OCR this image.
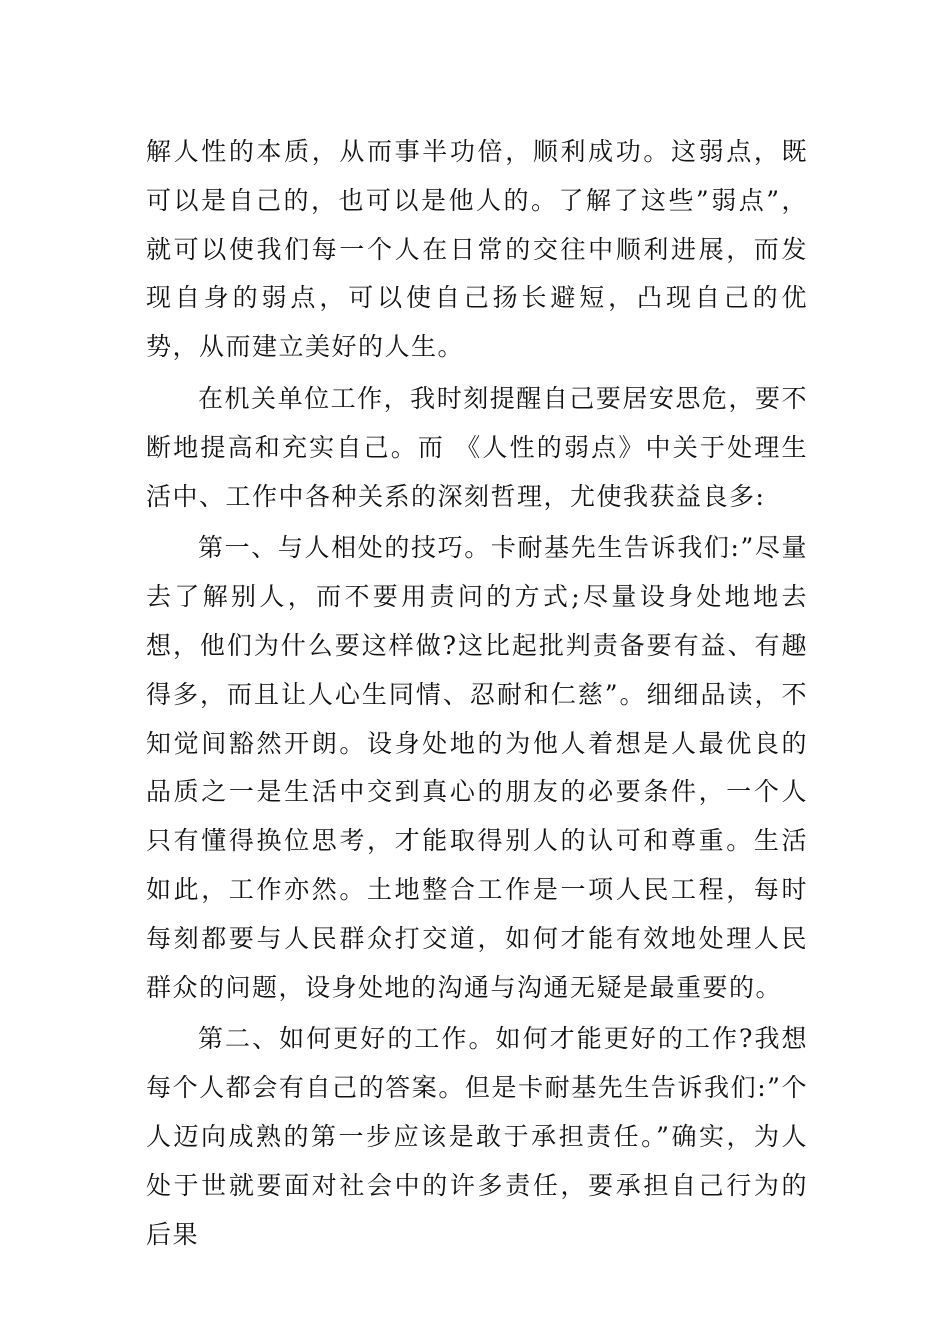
解人性的本质，从而事半功倍，顺利成功。这弱点，既可以是自己的，也可以是他人的。了解了这些”弱点”，就可以使我们每一个人在日常的交往中顺利进展，而发现自身的弱点，可以使自己扬长避短，凸现自己的优势，从而建立美好的人生。

在机关单位工作，我时刻提醒自己要居安思危，要不断地提高和充实自己。而 《人性的弱点》中关于处理生活中、工作中各种关系的深刻哲理，尤使我获益良多:

第一、与人相处的技巧。卡耐基先生告诉我们:”尽量去了解别人，而不要用责问的方式;尽量设身处地地去想，他们为什么要这样做?这比起批判责备要有益、有趣得多，而且让人心生同情、忍耐和仁慈”。细细品读，不知觉间豁然开朗。设身处地的为他人着想是人最优良的品质之一是生活中交到真心的朋友的必要条件，一个人只有懂得换位思考，才能取得别人的认可和尊重。生活如此，工作亦然。土地整合工作是一项人民工程，每时每刻都要与人民群众打交道，如何才能有效地处理人民群众的问题，设身处地的沟通与沟通无疑是最重要的。

第二、如何更好的工作。如何才能更好的工作?我想每个人都会有自己的答案。但是卡耐基先生告诉我们:”个人迈向成熟的第一步应该是敢于承担责任。”确实，为人处于世就要面对社会中的许多责任，要承担自己行为的后果
